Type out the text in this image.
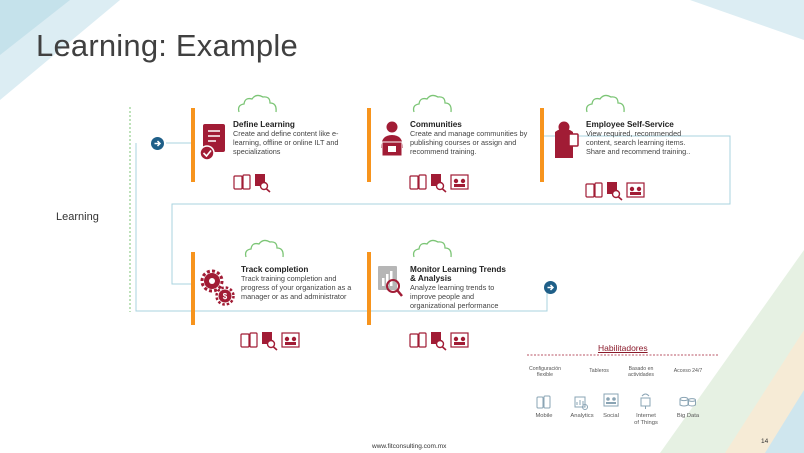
Learning: Example
Learning
$
Define Learning
Create and define content like e-learning, offline or online ILT and specializations
Communities
Create and manage communities by publishing courses or assign and recommend training.
Employee Self-Service
View required, recommended content, search learning items. Share and recommend training..
Track completion
Track training completion and progress of your organization as a manager or as and administrator
Monitor Learning Trends
& Analysis
Analyze learning trends to improve people and organizational performance
Habilitadores
Configuración flexible
Tableros	Basado en actividades
Acceso 24/7
Mobile	Analytics	Social	Internet of Things
Big Data
www.fitconsulting.com.mx
14
